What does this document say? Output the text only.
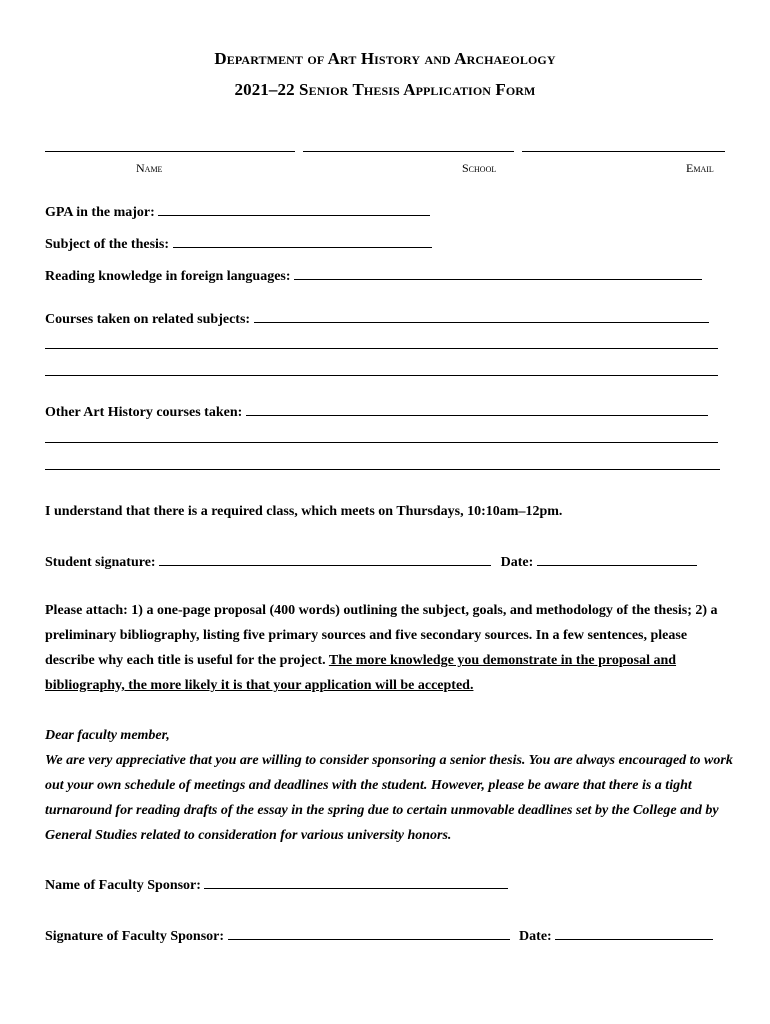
Department of Art History and Archaeology
2021–22 Senior Thesis Application Form
Name	School	Email
GPA in the major:
Subject of the thesis:
Reading knowledge in foreign languages:
Courses taken on related subjects:
Other Art History courses taken:
I understand that there is a required class, which meets on Thursdays, 10:10am–12pm.
Student signature:	Date:
Please attach: 1) a one-page proposal (400 words) outlining the subject, goals, and methodology of the thesis; 2) a preliminary bibliography, listing five primary sources and five secondary sources. In a few sentences, please describe why each title is useful for the project. The more knowledge you demonstrate in the proposal and bibliography, the more likely it is that your application will be accepted.
Dear faculty member,
We are very appreciative that you are willing to consider sponsoring a senior thesis. You are always encouraged to work out your own schedule of meetings and deadlines with the student. However, please be aware that there is a tight turnaround for reading drafts of the essay in the spring due to certain unmovable deadlines set by the College and by General Studies related to consideration for various university honors.
Name of Faculty Sponsor:
Signature of Faculty Sponsor:	Date:
